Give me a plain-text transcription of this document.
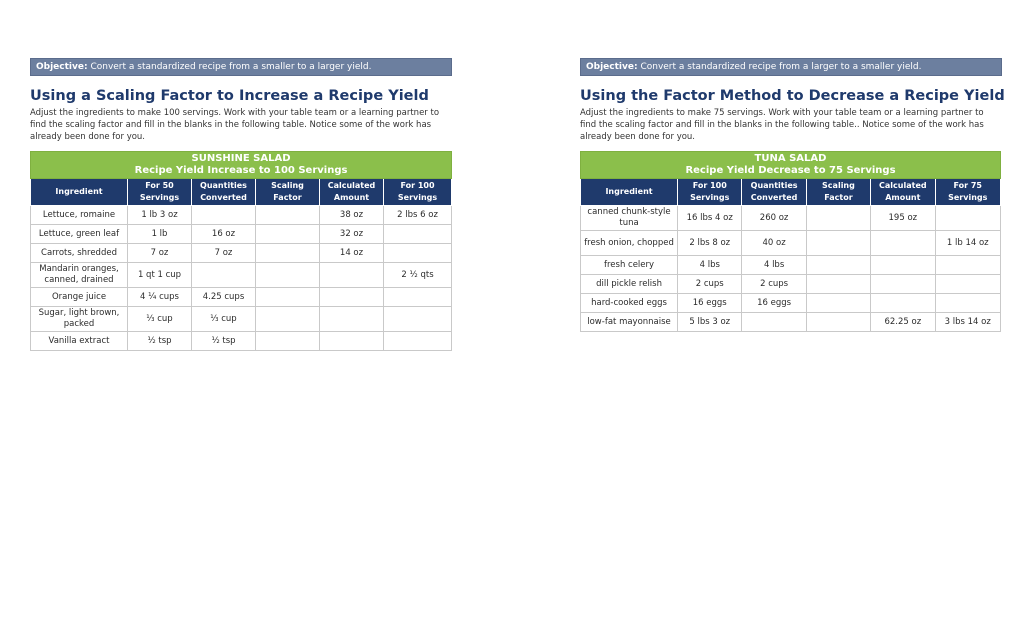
Objective: Convert a standardized recipe from a smaller to a larger yield.
Using a Scaling Factor to Increase a Recipe Yield
Adjust the ingredients to make 100 servings. Work with your table team or a learning partner to find the scaling factor and fill in the blanks in the following table. Notice some of the work has already been done for you.
SUNSHINE SALAD
Recipe Yield Increase to 100 Servings					

Ingredient	For 50 Servings	Quantities Converted	Scaling Factor	Calculated Amount	For 100 Servings
Lettuce, romaine	1 lb 3 oz			38 oz	2 lbs 6 oz
Lettuce, green leaf	1 lb	16 oz		32 oz	
Carrots, shredded	7 oz	7 oz		14 oz	
Mandarin oranges, canned, drained	1 qt 1 cup				2 ½ qts
Orange juice	4 ¼ cups	4.25 cups			
Sugar, light brown, packed	⅓ cup	⅓ cup			
Vanilla extract	½ tsp	½ tsp			
Objective: Convert a standardized recipe from a larger to a smaller yield.
Using the Factor Method to Decrease a Recipe Yield
Adjust the ingredients to make 75 servings. Work with your table team or a learning partner to find the scaling factor and fill in the blanks in the following table.. Notice some of the work has already been done for you.
TUNA SALAD
Recipe Yield Decrease to 75 Servings					

Ingredient	For 100 Servings	Quantities Converted	Scaling Factor	Calculated Amount	For 75 Servings
canned chunk-style tuna	16 lbs 4 oz	260 oz		195 oz	
fresh onion, chopped	2 lbs 8 oz	40 oz			1 lb 14 oz
fresh celery	4 lbs	4 lbs			
dill pickle relish	2 cups	2 cups			
hard-cooked eggs	16 eggs	16 eggs			
low-fat mayonnaise	5 lbs 3 oz			62.25 oz	3 lbs 14 oz
